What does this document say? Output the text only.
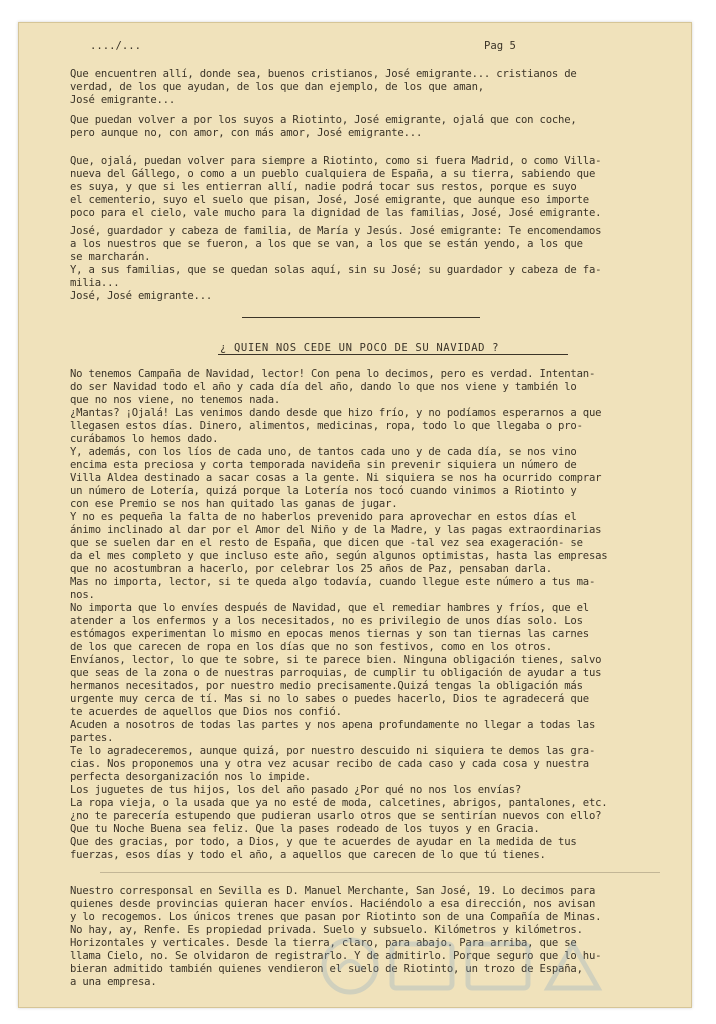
..../...	Pag 5
Que encuentren allí, donde sea, buenos cristianos, José emigrante... cristianos de
verdad, de los que ayudan, de los que dan ejemplo, de los que aman,
José emigrante...
Que puedan volver a por los suyos a Riotinto, José emigrante, ojalá que con coche,
pero aunque no, con amor, con más amor, José emigrante...
Que, ojalá, puedan volver para siempre a Riotinto, como si fuera Madrid, o como Villa-
nueva del Gállego, o como a un pueblo cualquiera de España, a su tierra, sabiendo que
es suya, y que si les entierran allí, nadie podrá tocar sus restos, porque es suyo
el cementerio, suyo el suelo que pisan, José, José emigrante, que aunque eso importe
poco para el cielo, vale mucho para la dignidad de las familias, José, José emigrante.
José, guardador y cabeza de familia, de María y Jesús. José emigrante: Te encomendamos
a los nuestros que se fueron, a los que se van, a los que se están yendo, a los que
se marcharán.
Y, a sus familias, que se quedan solas aquí, sin su José; su guardador y cabeza de fa-
milia...
José, José emigrante...
¿ QUIEN NOS CEDE UN POCO DE SU NAVIDAD ?
No tenemos Campaña de Navidad, lector! Con pena lo decimos, pero es verdad. Intentan-
do ser Navidad todo el año y cada día del año, dando lo que nos viene y también lo
que no nos viene, no tenemos nada.
¿Mantas? ¡Ojalá! Las venimos dando desde que hizo frío, y no podíamos esperarnos a que
llegasen estos días. Dinero, alimentos, medicinas, ropa, todo lo que llegaba o pro-
curábamos lo hemos dado.
Y, además, con los líos de cada uno, de tantos cada uno y de cada día, se nos vino
encima esta preciosa y corta temporada navideña sin prevenir siquiera un número de
Villa Aldea destinado a sacar cosas a la gente. Ni siquiera se nos ha ocurrido comprar
un número de Lotería, quizá porque la Lotería nos tocó cuando vinimos a Riotinto y
con ese Premio se nos han quitado las ganas de jugar.
Y no es pequeña la falta de no haberlos prevenido para aprovechar en estos días el
ánimo inclinado al dar por el Amor del Niño y de la Madre, y las pagas extraordinarias
que se suelen dar en el resto de España, que dicen que -tal vez sea exageración- se
da el mes completo y que incluso este año, según algunos optimistas, hasta las empresas
que no acostumbran a hacerlo, por celebrar los 25 años de Paz, pensaban darla.
Mas no importa, lector, si te queda algo todavía, cuando llegue este número a tus ma-
nos.
No importa que lo envíes después de Navidad, que el remediar hambres y fríos, que el
atender a los enfermos y a los necesitados, no es privilegio de unos días solo. Los
estómagos experimentan lo mismo en epocas menos tiernas y son tan tiernas las carnes
de los que carecen de ropa en los días que no son festivos, como en los otros.
Envíanos, lector, lo que te sobre, si te parece bien. Ninguna obligación tienes, salvo
que seas de la zona o de nuestras parroquias, de cumplir tu obligación de ayudar a tus
hermanos necesitados, por nuestro medio precisamente.Quizá tengas la obligación más
urgente muy cerca de tí. Mas si no lo sabes o puedes hacerlo, Dios te agradecerá que
te acuerdes de aquellos que Dios nos confió.
Acuden a nosotros de todas las partes y nos apena profundamente no llegar a todas las
partes.
Te lo agradeceremos, aunque quizá, por nuestro descuido ni siquiera te demos las gra-
cias. Nos proponemos una y otra vez acusar recibo de cada caso y cada cosa y nuestra
perfecta desorganización nos lo impide.
Los juguetes de tus hijos, los del año pasado ¿Por qué no nos los envías?
La ropa vieja, o la usada que ya no esté de moda, calcetines, abrigos, pantalones, etc.
¿no te parecería estupendo que pudieran usarlo otros que se sentirían nuevos con ello?
Que tu Noche Buena sea feliz. Que la pases rodeado de los tuyos y en Gracia.
Que des gracias, por todo, a Dios, y que te acuerdes de ayudar en la medida de tus
fuerzas, esos días y todo el año, a aquellos que carecen de lo que tú tienes.
Nuestro corresponsal en Sevilla es D. Manuel Merchante, San José, 19. Lo decimos para
quienes desde provincias quieran hacer envíos. Haciéndolo a esa dirección, nos avisan
y lo recogemos. Los únicos trenes que pasan por Riotinto son de una Compañía de Minas.
No hay, ay, Renfe. Es propiedad privada. Suelo y subsuelo. Kilómetros y kilómetros.
Horizontales y verticales. Desde la tierra, claro, para abajo. Para arriba, que se
llama Cielo, no. Se olvidaron de registrarlo. Y de admitirlo. Porque seguro que lo hu-
bieran admitido también quienes vendieron el suelo de Riotinto, un trozo de España,
a una empresa.
